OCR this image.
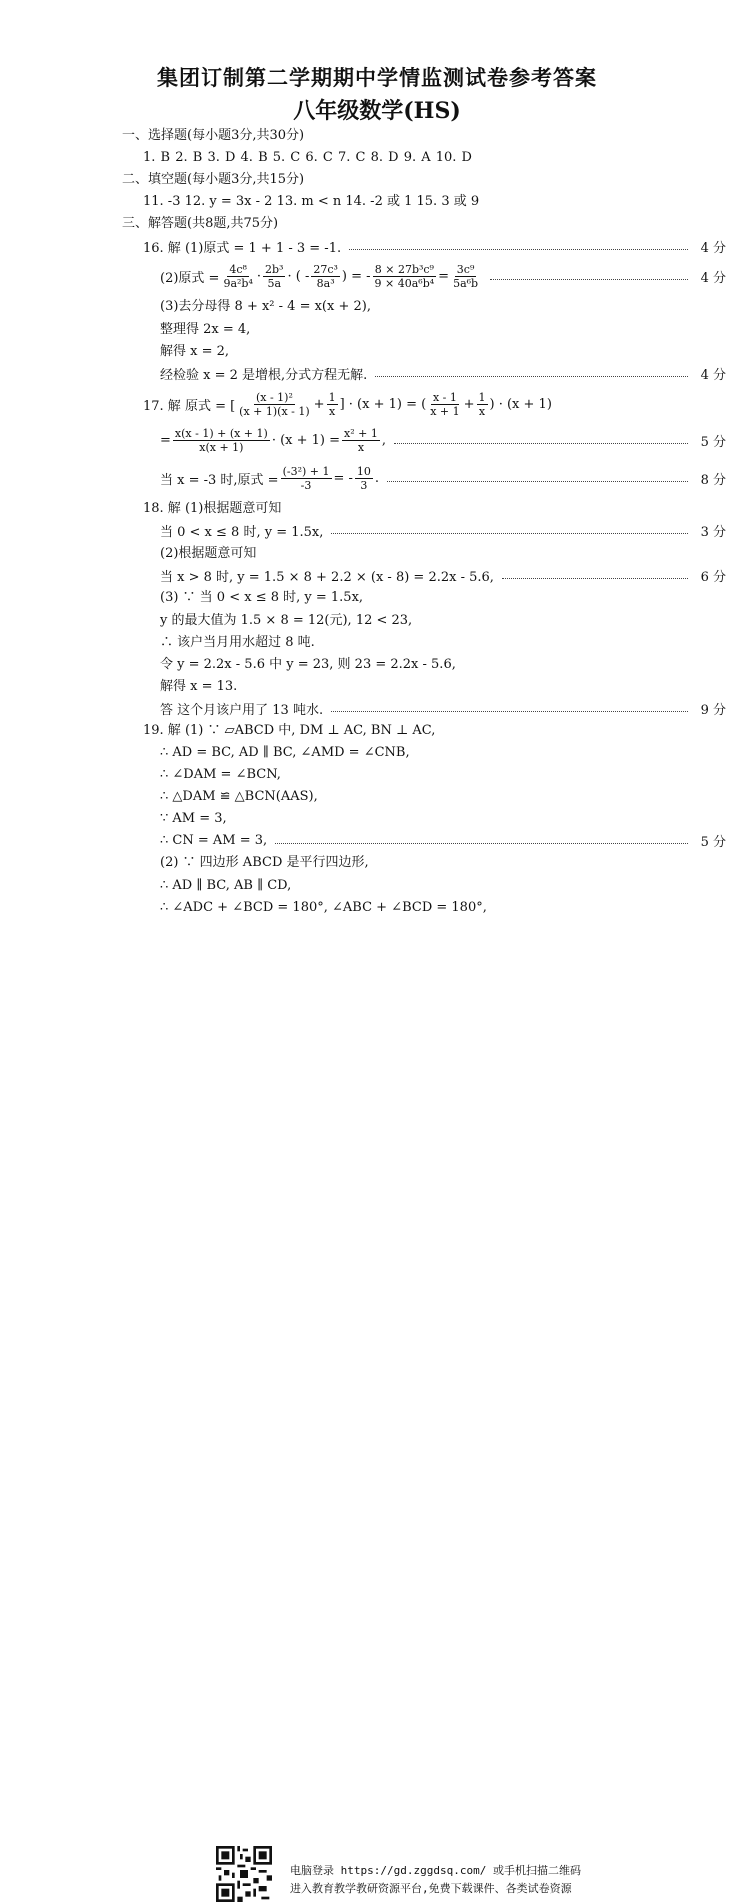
集团订制第二学期期中学情监测试卷参考答案
八年级数学(HS)
一、选择题(每小题3分,共30分)
1. B 2. B 3. D 4. B 5. C 6. C 7. C 8. D 9. A 10. D
二、填空题(每小题3分,共15分)
11. -3 12. y = 3x - 2 13. m < n 14. -2 或 1 15. 3 或 9
三、解答题(共8题,共75分)
16. 解 (1)原式 = 1 + 1 - 3 = -1.	4 分
(2)原式 = $\frac{\text{4c⁸}}{\text{9a²b⁴}} \cdot \frac{\text{2b³}}{5a}$ · ( - $\frac{\text{27c³}}{\text{8a³}}$ ) = - $\frac{\text{8 × 27b³c⁹}}{\text{9 × 40a⁶b⁴}} = \frac{\text{3c⁹}}{\text{5a⁶b}}$	4 分
(3)去分母得 8 + x² - 4 = x(x + 2),
整理得 2x = 4,
解得 x = 2,
经检验 x = 2 是增根,分式方程无解.	4 分
17. 解 原式 = [ $\frac{\text{(x - 1)²}}{(x + 1)(x - 1)} + \frac{1}{x}$ ] · (x + 1) = ( $\frac{x - 1}{x + 1} + \frac{1}{x}$ ) · (x + 1)
= $\frac{x(x - 1) + (x + 1)}{x(x + 1)} \cdot (x + 1) = \frac{\text{x² + 1}}{x}$ ,	5 分
当 x = -3 时,原式 = $\frac{\text{(-3²) + 1}}{-3}$ = - $\frac{10}{3}$ .	8 分
18. 解 (1)根据题意可知
当 0 < x ≤ 8 时, y = 1.5x,	3 分
(2)根据题意可知
当 x > 8 时, y = 1.5 × 8 + 2.2 × (x - 8) = 2.2x - 5.6,	6 分
(3) ∵ 当 0 < x ≤ 8 时, y = 1.5x,
y 的最大值为 1.5 × 8 = 12(元), 12 < 23,
∴ 该户当月用水超过 8 吨.
令 y = 2.2x - 5.6 中 y = 23, 则 23 = 2.2x - 5.6,
解得 x = 13.
答 这个月该户用了 13 吨水.	9 分
19. 解 (1) ∵ ▱ABCD 中, DM ⊥ AC, BN ⊥ AC,
∴ AD = BC, AD ∥ BC, ∠AMD = ∠CNB,
∴ ∠DAM = ∠BCN,
∴ △DAM ≌ △BCN(AAS),
∵ AM = 3,
∴ CN = AM = 3,	5 分
(2) ∵ 四边形 ABCD 是平行四边形,
∴ AD ∥ BC, AB ∥ CD,
∴ ∠ADC + ∠BCD = 180°, ∠ABC + ∠BCD = 180°,
电脑登录 https://gd.zggdsq.com/ 或手机扫描二维码
进入教育教学教研资源平台,免费下载课件、各类试卷资源
